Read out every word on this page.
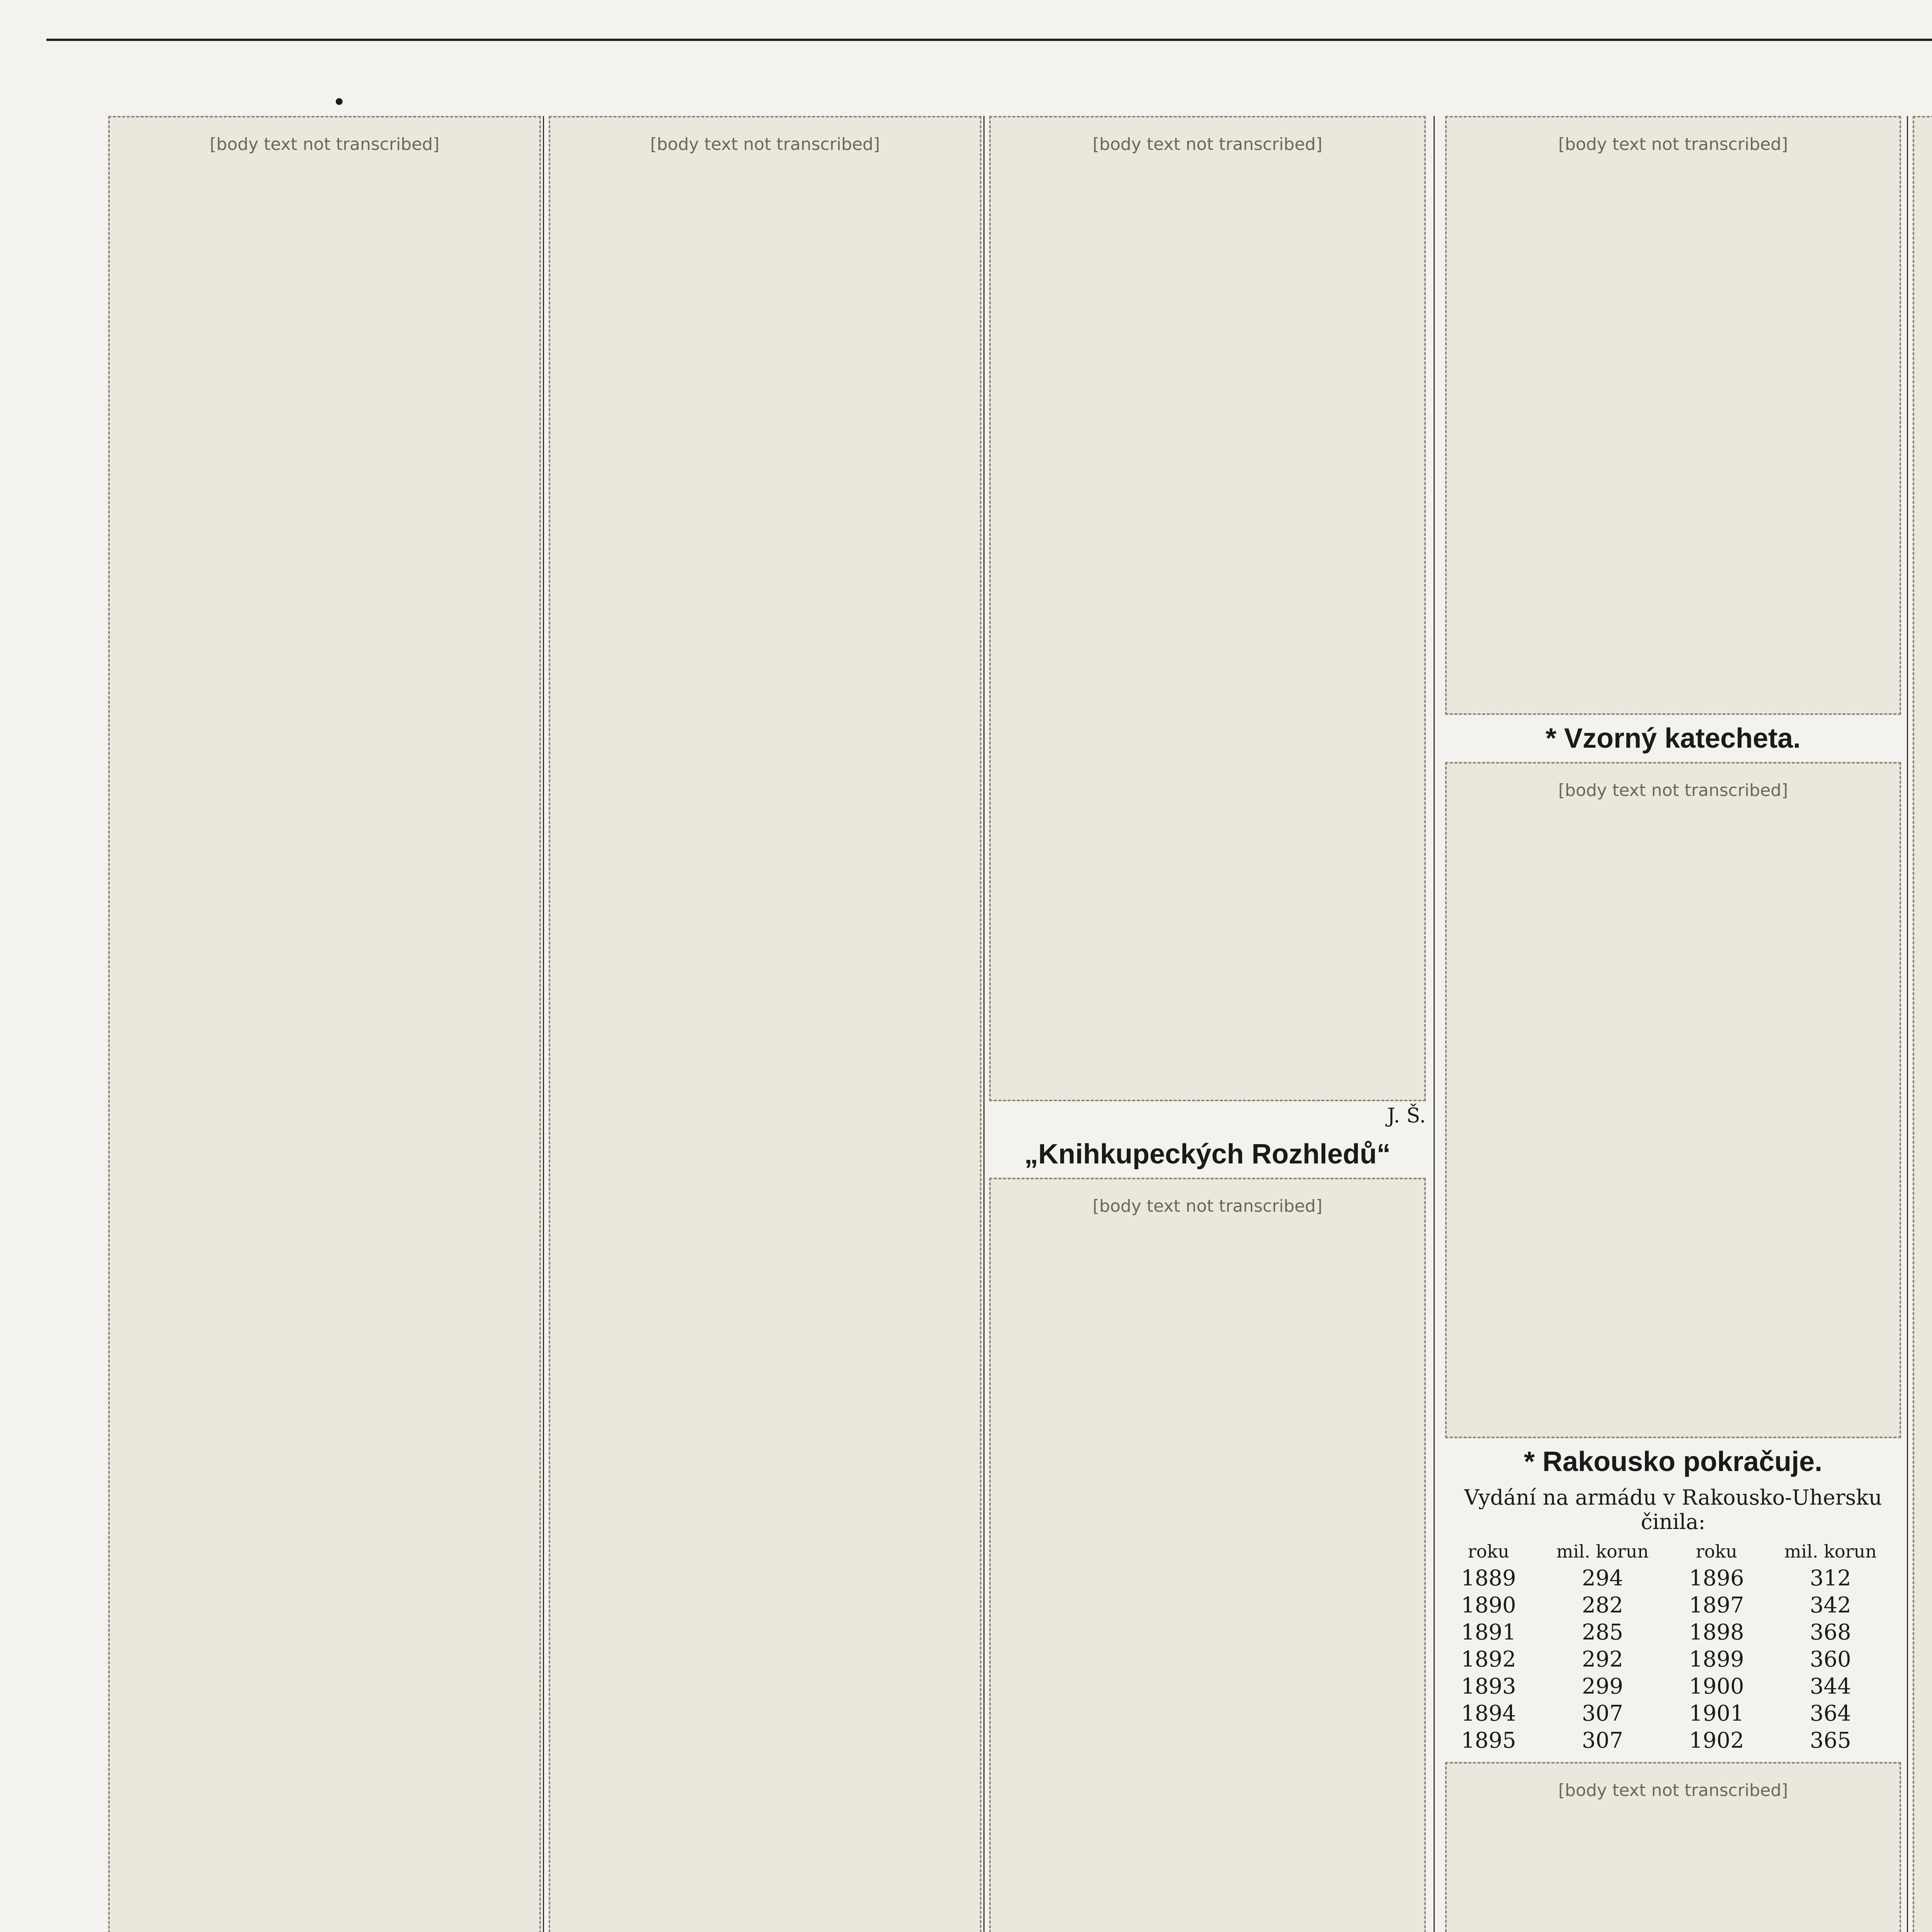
•
[body text not transcribed]	[body text not transcribed]	[body text not transcribed]
J. Š.
„Knihkupeckých Rozhledů“
[body text not transcribed]
[body text not transcribed]
* Vzorný katecheta.
[body text not transcribed]
* Rakousko pokračuje.
Vydání na armádu v Rakousko-Uhersku činila:
roku	mil. korun	roku	mil. korun
1889	294	1896	312
1890	282	1897	342
1891	285	1898	368
1892	292	1899	360
1893	299	1900	344
1894	307	1901	364
1895	307	1902	365
[body text not transcribed]
